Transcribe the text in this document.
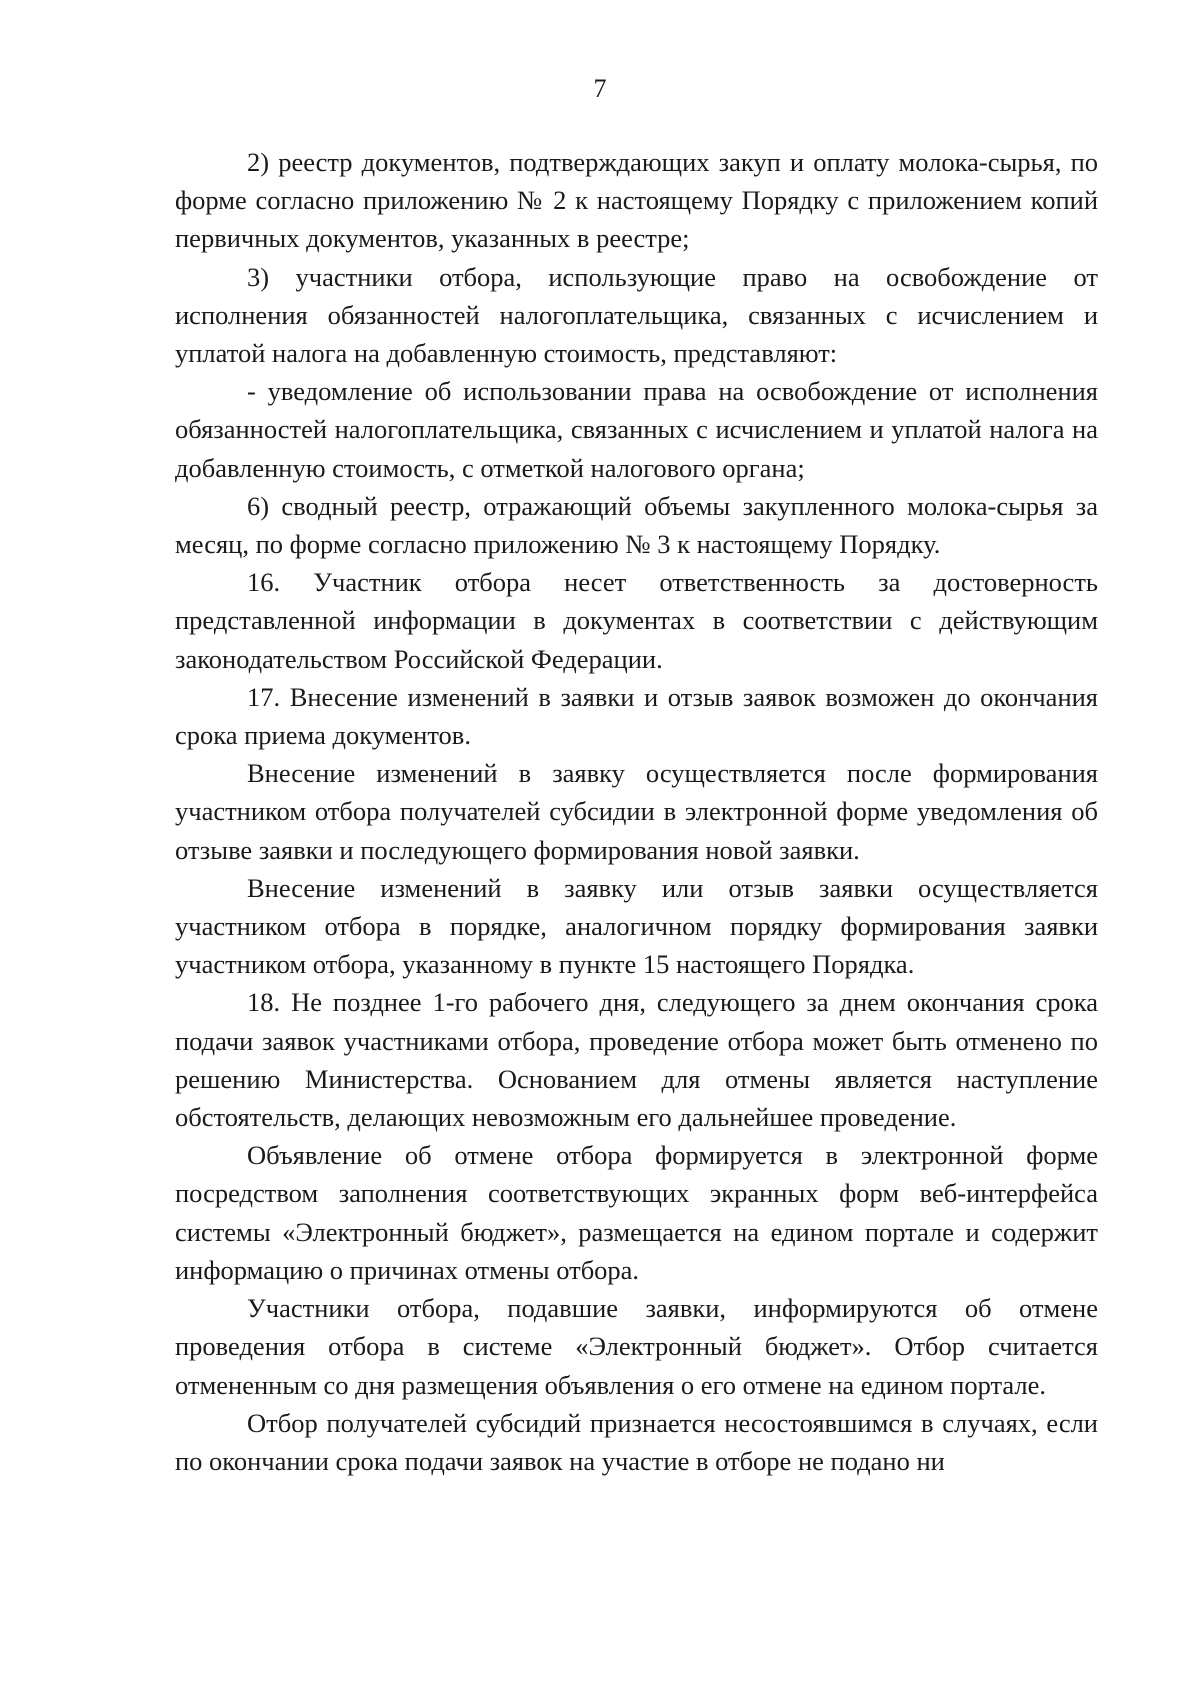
7

2) реестр документов, подтверждающих закуп и оплату молока-сырья, по форме согласно приложению № 2 к настоящему Порядку с приложением копий первичных документов, указанных в реестре;

3) участники отбора, использующие право на освобождение от исполнения обязанностей налогоплательщика, связанных с исчислением и уплатой налога на добавленную стоимость, представляют:

- уведомление об использовании права на освобождение от исполнения обязанностей налогоплательщика, связанных с исчислением и уплатой налога на добавленную стоимость, с отметкой налогового органа;

6) сводный реестр, отражающий объемы закупленного молока-сырья за месяц, по форме согласно приложению № 3 к настоящему Порядку.

16. Участник отбора несет ответственность за достоверность представленной информации в документах в соответствии с действующим законодательством Российской Федерации.

17. Внесение изменений в заявки и отзыв заявок возможен до окончания срока приема документов.

Внесение изменений в заявку осуществляется после формирования участником отбора получателей субсидии в электронной форме уведомления об отзыве заявки и последующего формирования новой заявки.

Внесение изменений в заявку или отзыв заявки осуществляется участником отбора в порядке, аналогичном порядку формирования заявки участником отбора, указанному в пункте 15 настоящего Порядка.

18. Не позднее 1-го рабочего дня, следующего за днем окончания срока подачи заявок участниками отбора, проведение отбора может быть отменено по решению Министерства. Основанием для отмены является наступление обстоятельств, делающих невозможным его дальнейшее проведение.

Объявление об отмене отбора формируется в электронной форме посредством заполнения соответствующих экранных форм веб-интерфейса системы «Электронный бюджет», размещается на едином портале и содержит информацию о причинах отмены отбора.

Участники отбора, подавшие заявки, информируются об отмене проведения отбора в системе «Электронный бюджет». Отбор считается отмененным со дня размещения объявления о его отмене на едином портале.

Отбор получателей субсидий признается несостоявшимся в случаях, если по окончании срока подачи заявок на участие в отборе не подано ни
